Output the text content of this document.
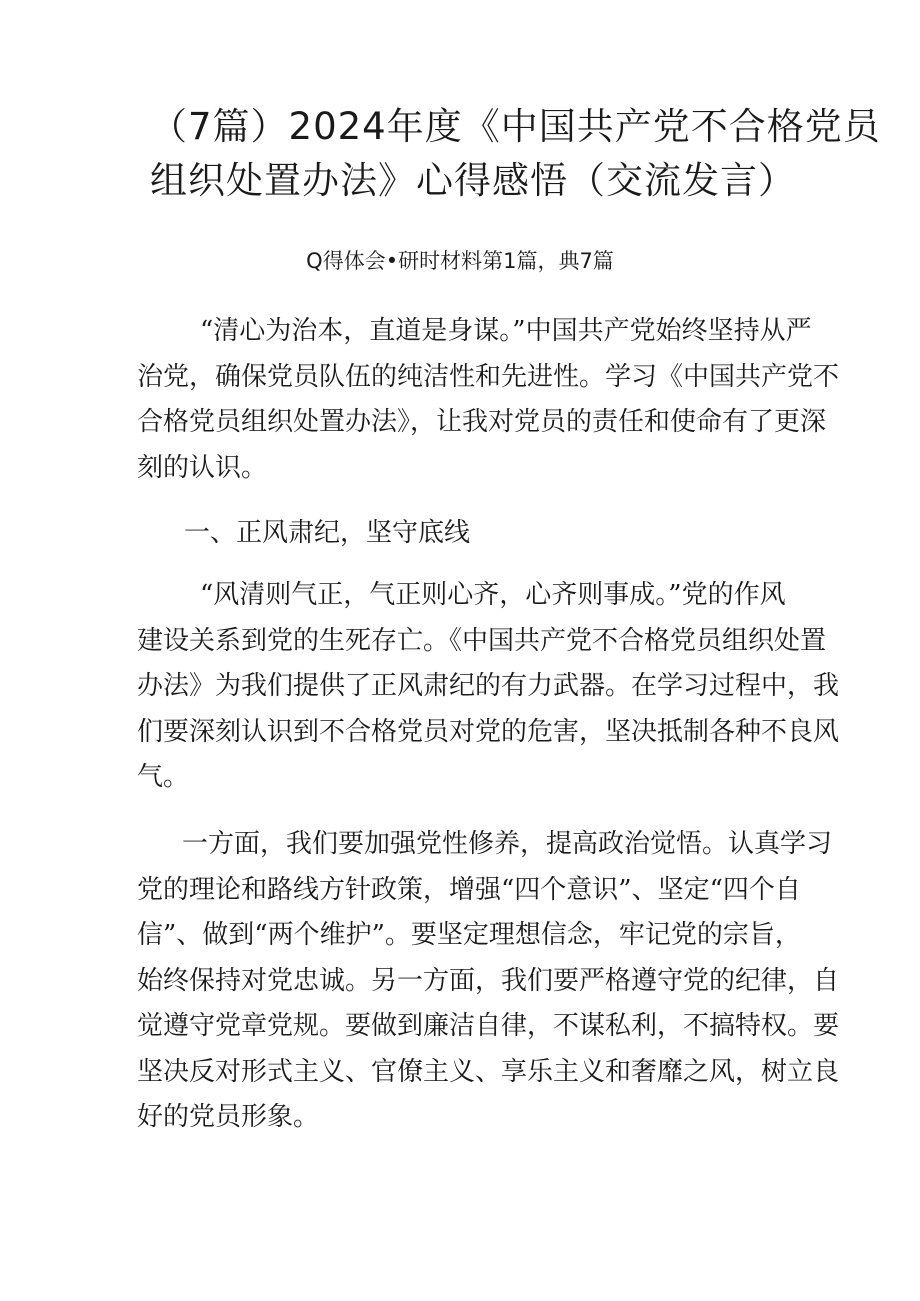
（7篇）2024年度《中国共产党不合格党员
组织处置办法》心得感悟（交流发言）
Q得体会•研时材料第1篇，典7篇
“清心为治本，直道是身谋。”中国共产党始终坚持从严
治党，确保党员队伍的纯洁性和先进性。学习《中国共产党不
合格党员组织处置办法》，让我对党员的责任和使命有了更深
刻的认识。
一、正风肃纪，坚守底线
“风清则气正，气正则心齐，心齐则事成。”党的作风
建设关系到党的生死存亡。《中国共产党不合格党员组织处置
办法》为我们提供了正风肃纪的有力武器。在学习过程中，我
们要深刻认识到不合格党员对党的危害，坚决抵制各种不良风
气。
一方面，我们要加强党性修养，提高政治觉悟。认真学习
党的理论和路线方针政策，增强“四个意识”、坚定“四个自
信”、做到“两个维护”。要坚定理想信念，牢记党的宗旨，
始终保持对党忠诚。另一方面，我们要严格遵守党的纪律，自
觉遵守党章党规。要做到廉洁自律，不谋私利，不搞特权。要
坚决反对形式主义、官僚主义、享乐主义和奢靡之风，树立良
好的党员形象。
